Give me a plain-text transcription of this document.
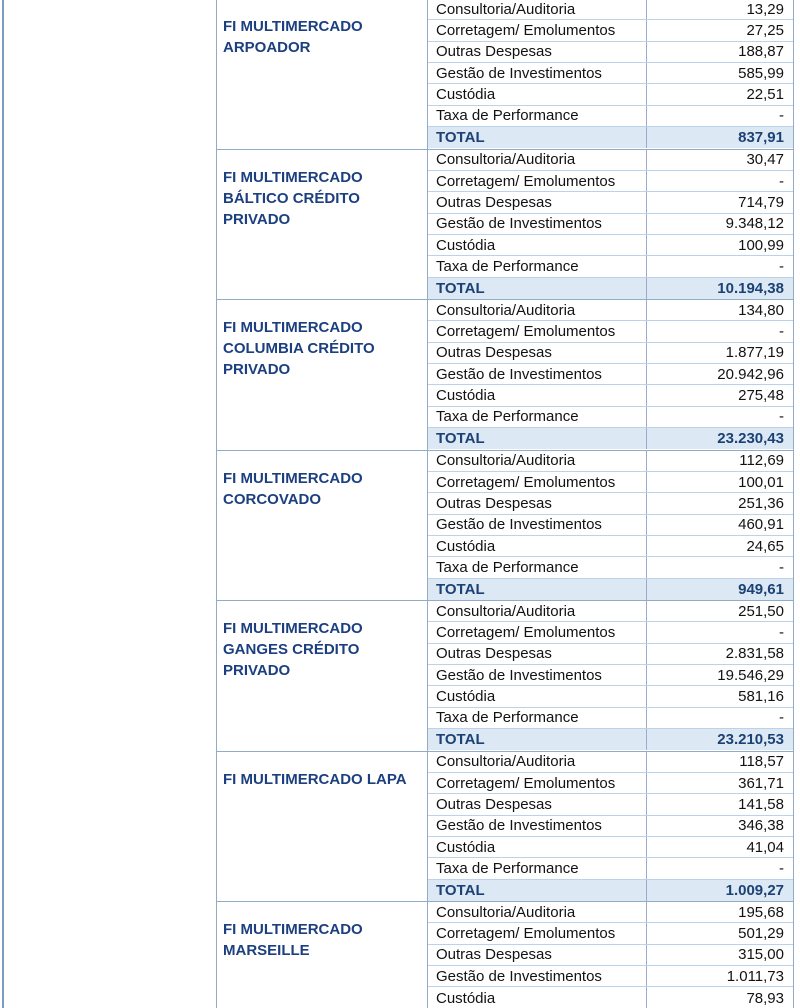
FI MULTIMERCADO ARPOADOR
Consultoria/Auditoria	13,29
Corretagem/ Emolumentos	27,25
Outras Despesas	188,87
Gestão de Investimentos	585,99
Custódia	22,51
Taxa de Performance	-
TOTAL	837,91
FI MULTIMERCADO BÁLTICO CRÉDITO PRIVADO
Consultoria/Auditoria	30,47
Corretagem/ Emolumentos	-
Outras Despesas	714,79
Gestão de Investimentos	9.348,12
Custódia	100,99
Taxa de Performance	-
TOTAL	10.194,38
FI MULTIMERCADO COLUMBIA CRÉDITO PRIVADO
Consultoria/Auditoria	134,80
Corretagem/ Emolumentos	-
Outras Despesas	1.877,19
Gestão de Investimentos	20.942,96
Custódia	275,48
Taxa de Performance	-
TOTAL	23.230,43
FI MULTIMERCADO CORCOVADO
Consultoria/Auditoria	112,69
Corretagem/ Emolumentos	100,01
Outras Despesas	251,36
Gestão de Investimentos	460,91
Custódia	24,65
Taxa de Performance	-
TOTAL	949,61
FI MULTIMERCADO GANGES CRÉDITO PRIVADO
Consultoria/Auditoria	251,50
Corretagem/ Emolumentos	-
Outras Despesas	2.831,58
Gestão de Investimentos	19.546,29
Custódia	581,16
Taxa de Performance	-
TOTAL	23.210,53
FI MULTIMERCADO LAPA
Consultoria/Auditoria	118,57
Corretagem/ Emolumentos	361,71
Outras Despesas	141,58
Gestão de Investimentos	346,38
Custódia	41,04
Taxa de Performance	-
TOTAL	1.009,27
FI MULTIMERCADO MARSEILLE
Consultoria/Auditoria	195,68
Corretagem/ Emolumentos	501,29
Outras Despesas	315,00
Gestão de Investimentos	1.011,73
Custódia	78,93
